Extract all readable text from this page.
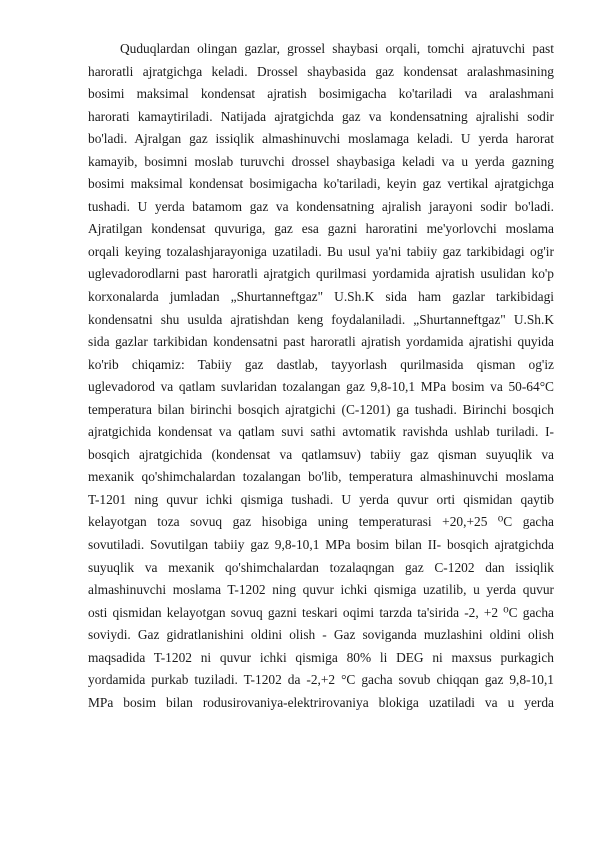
Quduqlardan olingan gazlar, grossel shaybasi orqali, tomchi ajratuvchi past
haroratli ajratgichga keladi. Drossel shaybasida gaz kondensat aralashmasining
bosimi maksimal kondensat ajratish bosimigacha ko'tariladi va aralashmani
harorati kamaytiriladi. Natijada ajratgichda gaz va kondensatning ajralishi sodir
bo'ladi. Ajralgan gaz issiqlik almashinuvchi moslamaga keladi. U yerda harorat
kamayib, bosimni moslab turuvchi drossel shaybasiga keladi va u yerda gazning
bosimi maksimal kondensat bosimigacha ko'tariladi, keyin gaz vertikal ajratgichga
tushadi. U yerda batamom gaz va kondensatning ajralish jarayoni sodir bo'ladi.
Ajratilgan kondensat quvuriga, gaz esa gazni haroratini me'yorlovchi moslama
orqali keying tozalashjarayoniga uzatiladi. Bu usul ya'ni tabiiy gaz tarkibidagi og'ir
uglevadorodlarni past haroratli ajratgich qurilmasi yordamida ajratish usulidan ko'p
korxonalarda jumladan „Shurtanneftgaz" U.Sh.K sida ham gazlar tarkibidagi
kondensatni shu usulda ajratishdan keng foydalaniladi. „Shurtanneftgaz" U.Sh.K
sida gazlar tarkibidan kondensatni past haroratli ajratish yordamida ajratishi quyida
ko'rib chiqamiz: Tabiiy gaz dastlab, tayyorlash qurilmasida qisman og'iz
uglevadorod va qatlam suvlaridan tozalangan gaz 9,8-10,1 MPa bosim va 50-64°C
temperatura bilan birinchi bosqich ajratgichi (C-1201) ga tushadi. Birinchi bosqich
ajratgichida kondensat va qatlam suvi sathi avtomatik ravishda ushlab turiladi. I-
bosqich ajratgichida (kondensat va qatlamsuv) tabiiy gaz qisman suyuqlik va
mexanik qo'shimchalardan tozalangan bo'lib, temperatura almashinuvchi moslama
T-1201 ning quvur ichki qismiga tushadi. U yerda quvur orti qismidan qaytib
kelayotgan toza sovuq gaz hisobiga uning temperaturasi +20,+25 ⁰C gacha
sovutiladi. Sovutilgan tabiiy gaz 9,8-10,1 MPa bosim bilan II- bosqich ajratgichda
suyuqlik va mexanik qo'shimchalardan tozalaqngan gaz C-1202 dan issiqlik
almashinuvchi moslama T-1202 ning quvur ichki qismiga uzatilib, u yerda quvur
osti qismidan kelayotgan sovuq gazni teskari oqimi tarzda ta'sirida -2, +2 ⁰C gacha
soviydi. Gaz gidratlanishini oldini olish - Gaz soviganda muzlashini oldini olish
maqsadida T-1202 ni quvur ichki qismiga 80% li DEG ni maxsus purkagich
yordamida purkab tuziladi. T-1202 da -2,+2 °C gacha sovub chiqqan gaz 9,8-10,1
MPa bosim bilan rodusirovaniya-elektrirovaniya blokiga uzatiladi va u yerda
